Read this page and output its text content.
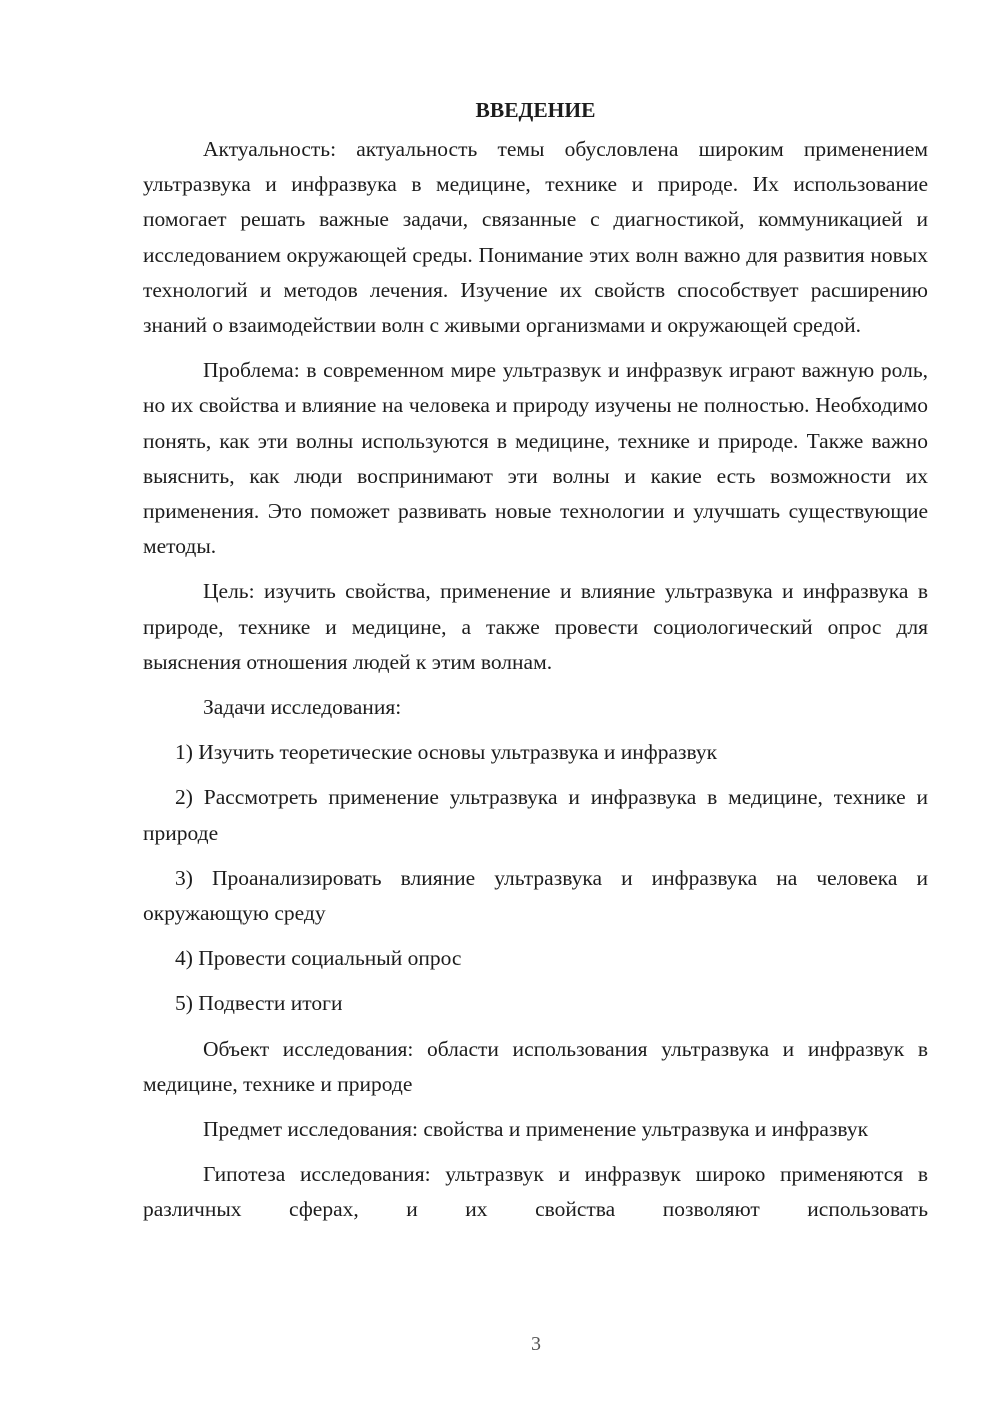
ВВЕДЕНИЕ

Актуальность: актуальность темы обусловлена широким применением ультразвука и инфразвука в медицине, технике и природе. Их использование помогает решать важные задачи, связанные с диагностикой, коммуникацией и исследованием окружающей среды. Понимание этих волн важно для развития новых технологий и методов лечения. Изучение их свойств способствует расширению знаний о взаимодействии волн с живыми организмами и окружающей средой.

Проблема: в современном мире ультразвук и инфразвук играют важную роль, но их свойства и влияние на человека и природу изучены не полностью. Необходимо понять, как эти волны используются в медицине, технике и природе. Также важно выяснить, как люди воспринимают эти волны и какие есть возможности их применения. Это поможет развивать новые технологии и улучшать существующие методы.

Цель: изучить свойства, применение и влияние ультразвука и инфразвука в природе, технике и медицине, а также провести социологический опрос для выяснения отношения людей к этим волнам.

Задачи исследования:

1) Изучить теоретические основы ультразвука и инфразвук

2) Рассмотреть применение ультразвука и инфразвука в медицине, технике и природе

3) Проанализировать влияние ультразвука и инфразвука на человека и окружающую среду

4) Провести социальный опрос

5) Подвести итоги

Объект исследования: области использования ультразвука и инфразвук в медицине, технике и природе

Предмет исследования: свойства и применение ультразвука и инфразвук

Гипотеза исследования: ультразвук и инфразвук широко применяются в различных сферах, и их свойства позволяют использовать

3
